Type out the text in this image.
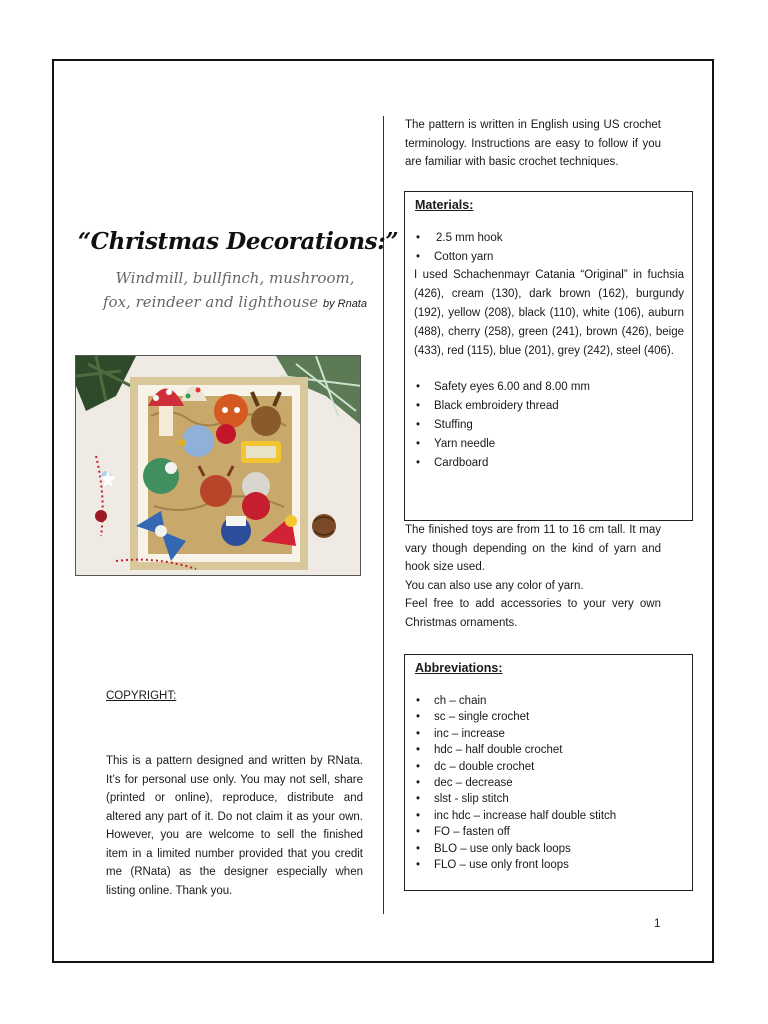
“Christmas Decorations:”
Windmill, bullfinch, mushroom, fox, reindeer and lighthouse by Rnata
COPYRIGHT:
This is a pattern designed and written by RNata. It’s for personal use only. You may not sell, share (printed or online), reproduce, distribute and altered any part of it. Do not claim it as your own. However, you are welcome to sell the finished item in a limited number provided that you credit me (RNata) as the designer especially when listing online. Thank you.
The pattern is written in English using US crochet terminology. Instructions are easy to follow if you are familiar with basic crochet techniques.
Materials:
• 2.5 mm hook
• Cotton yarn
I used Schachenmayr Catania “Original” in fuchsia (426), cream (130), dark brown (162), burgundy (192), yellow (208), black (110), white (106), auburn (488), cherry (258), green (241), brown (426), beige (433), red (115), blue (201), grey (242), steel (406).
• Safety eyes 6.00 and 8.00 mm
• Black embroidery thread
• Stuffing
• Yarn needle
• Cardboard
The finished toys are from 11 to 16 cm tall. It may vary though depending on the kind of yarn and hook size used.
You can also use any color of yarn.
Feel free to add accessories to your very own Christmas ornaments.
Abbreviations:
• ch – chain
• sc – single crochet
• inc – increase
• hdc – half double crochet
• dc – double crochet
• dec – decrease
• slst - slip stitch
• inc hdc – increase half double stitch
• FO – fasten off
• BLO – use only back loops
• FLO – use only front loops
1
